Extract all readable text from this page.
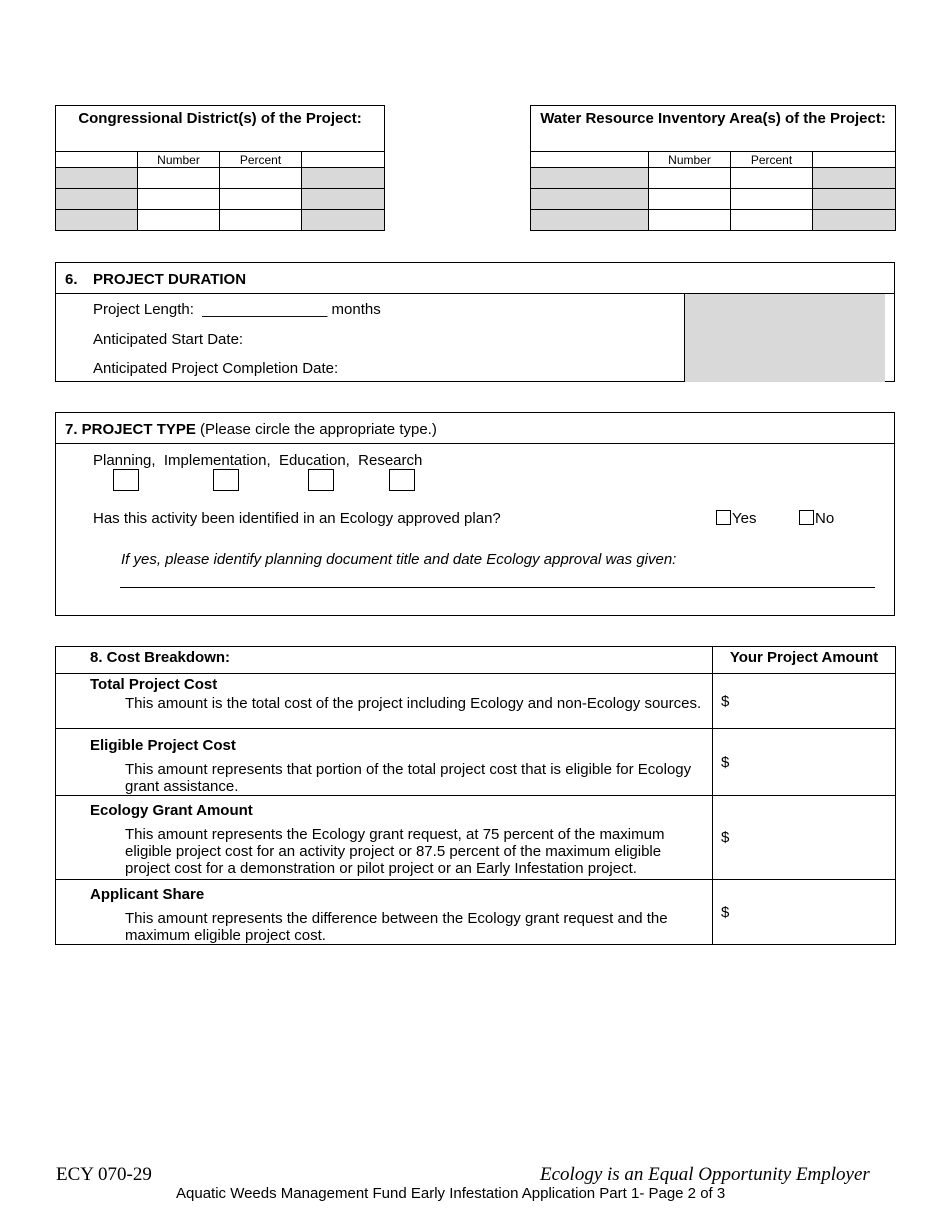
Congressional District(s) of the Project:			
	Number	Percent	

Water Resource Inventory Area(s) of the Project:			
	Number	Percent	

6. PROJECT DURATION
Project Length:  _______________ months
Anticipated Start Date:
Anticipated Project Completion Date:
7. PROJECT TYPE (Please circle the appropriate type.)
Planning,  Implementation,  Education,  Research
Has this activity been identified in an Ecology approved plan?	Yes	No
If yes, please identify planning document title and date Ecology approval was given:
8. Cost Breakdown:	Your Project Amount

Total Project Cost
This amount is the total cost of the project including Ecology and non-Ecology sources.	$

Eligible Project Cost
This amount represents that portion of the total project cost that is eligible for Ecology grant assistance.	$

Ecology Grant Amount
This amount represents the Ecology grant request, at 75 percent of the maximum eligible project cost for an activity project or 87.5 percent of the maximum eligible project cost for a demonstration or pilot project or an Early Infestation project.	$

Applicant Share
This amount represents the difference between the Ecology grant request and the maximum eligible project cost.	$
ECY 070-29	Ecology is an Equal Opportunity Employer
Aquatic Weeds Management Fund Early Infestation Application Part 1- Page 2 of 3
